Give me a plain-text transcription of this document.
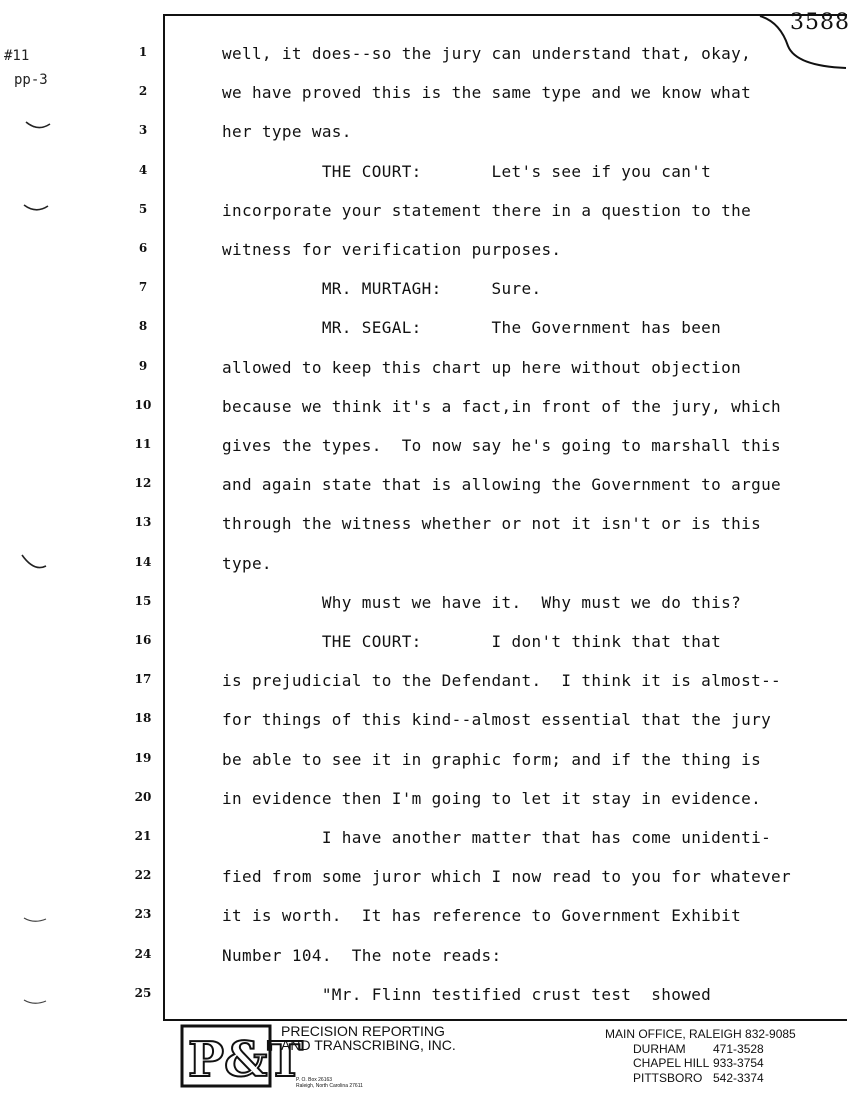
#11
pp-3
3588
1	well, it does--so the jury can understand that, okay,
2	we have proved this is the same type and we know what
3	her type was.
4	THE COURT:       Let's see if you can't
5	incorporate your statement there in a question to the
6	witness for verification purposes.
7	MR. MURTAGH:     Sure.
8	MR. SEGAL:       The Government has been
9	allowed to keep this chart up here without objection
10	because we think it's a fact,in front of the jury, which
11	gives the types.  To now say he's going to marshall this
12	and again state that is allowing the Government to argue
13	through the witness whether or not it isn't or is this
14	type.
15	Why must we have it.  Why must we do this?
16	THE COURT:       I don't think that that
17	is prejudicial to the Defendant.  I think it is almost--
18	for things of this kind--almost essential that the jury
19	be able to see it in graphic form; and if the thing is
20	in evidence then I'm going to let it stay in evidence.
21	I have another matter that has come unidenti-
22	fied from some juror which I now read to you for whatever
23	it is worth.  It has reference to Government Exhibit
24	Number 104.  The note reads:
25	"Mr. Flinn testified crust test  showed
P&T
PRECISION REPORTING
AND TRANSCRIBING, INC.
P. O. Box 26163
Raleigh, North Carolina 27611
MAIN OFFICE, RALEIGH 832-9085
DURHAM	471-3528
CHAPEL HILL 933-3754
PITTSBORO 542-3374
